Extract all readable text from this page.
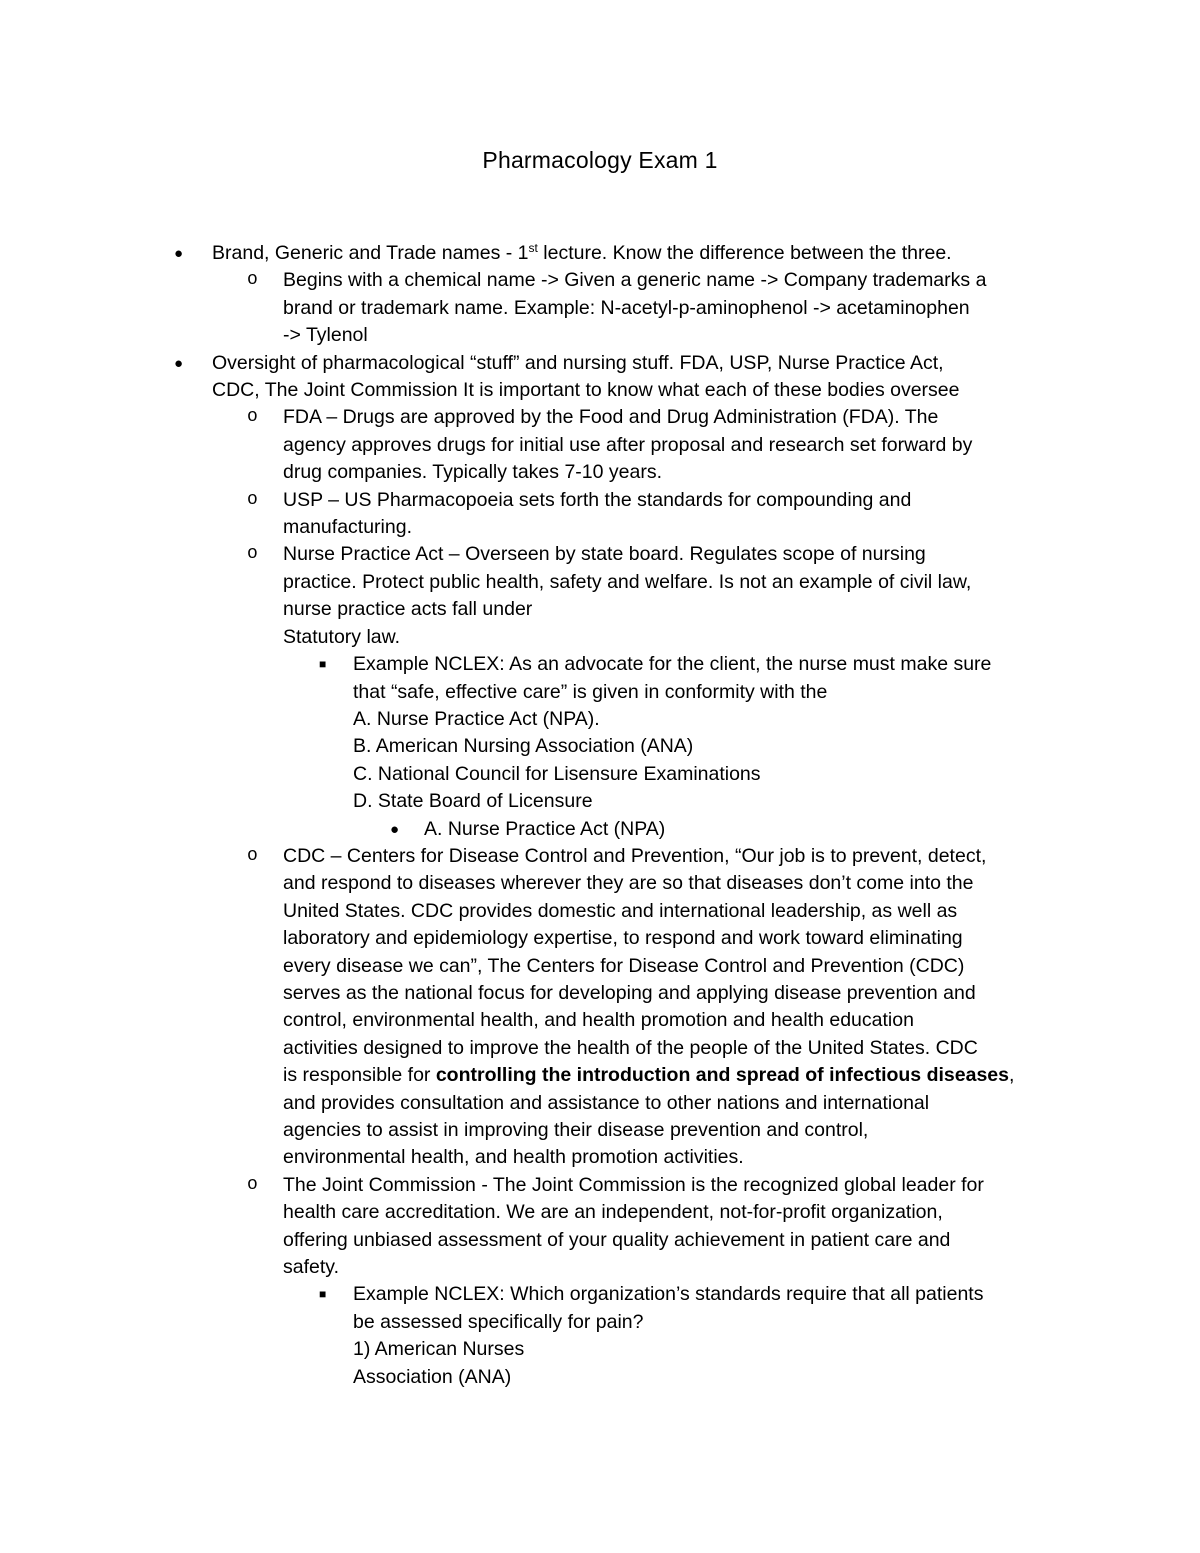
Pharmacology Exam 1
● Brand, Generic and Trade names - 1st lecture. Know the difference between the three.
o Begins with a chemical name -> Given a generic name -> Company trademarks a
brand or trademark name. Example: N-acetyl-p-aminophenol -> acetaminophen
-> Tylenol
● Oversight of pharmacological “stuff” and nursing stuff. FDA, USP, Nurse Practice Act,
CDC, The Joint Commission It is important to know what each of these bodies oversee
o FDA – Drugs are approved by the Food and Drug Administration (FDA). The
agency approves drugs for initial use after proposal and research set forward by
drug companies. Typically takes 7-10 years.
o USP – US Pharmacopoeia sets forth the standards for compounding and
manufacturing.
o Nurse Practice Act – Overseen by state board. Regulates scope of nursing
practice. Protect public health, safety and welfare. Is not an example of civil law,
nurse practice acts fall under
Statutory law.
■ Example NCLEX: As an advocate for the client, the nurse must make sure
that “safe, effective care” is given in conformity with the
A. Nurse Practice Act (NPA).
B. American Nursing Association (ANA)
C. National Council for Lisensure Examinations
D. State Board of Licensure
● A. Nurse Practice Act (NPA)
o CDC – Centers for Disease Control and Prevention, “Our job is to prevent, detect,
and respond to diseases wherever they are so that diseases don’t come into the
United States. CDC provides domestic and international leadership, as well as
laboratory and epidemiology expertise, to respond and work toward eliminating
every disease we can”, The Centers for Disease Control and Prevention (CDC)
serves as the national focus for developing and applying disease prevention and
control, environmental health, and health promotion and health education
activities designed to improve the health of the people of the United States. CDC
is responsible for controlling the introduction and spread of infectious diseases,
and provides consultation and assistance to other nations and international
agencies to assist in improving their disease prevention and control,
environmental health, and health promotion activities.
o The Joint Commission - The Joint Commission is the recognized global leader for
health care accreditation. We are an independent, not-for-profit organization,
offering unbiased assessment of your quality achievement in patient care and
safety.
■ Example NCLEX: Which organization’s standards require that all patients
be assessed specifically for pain?
1) American Nurses
Association (ANA)
